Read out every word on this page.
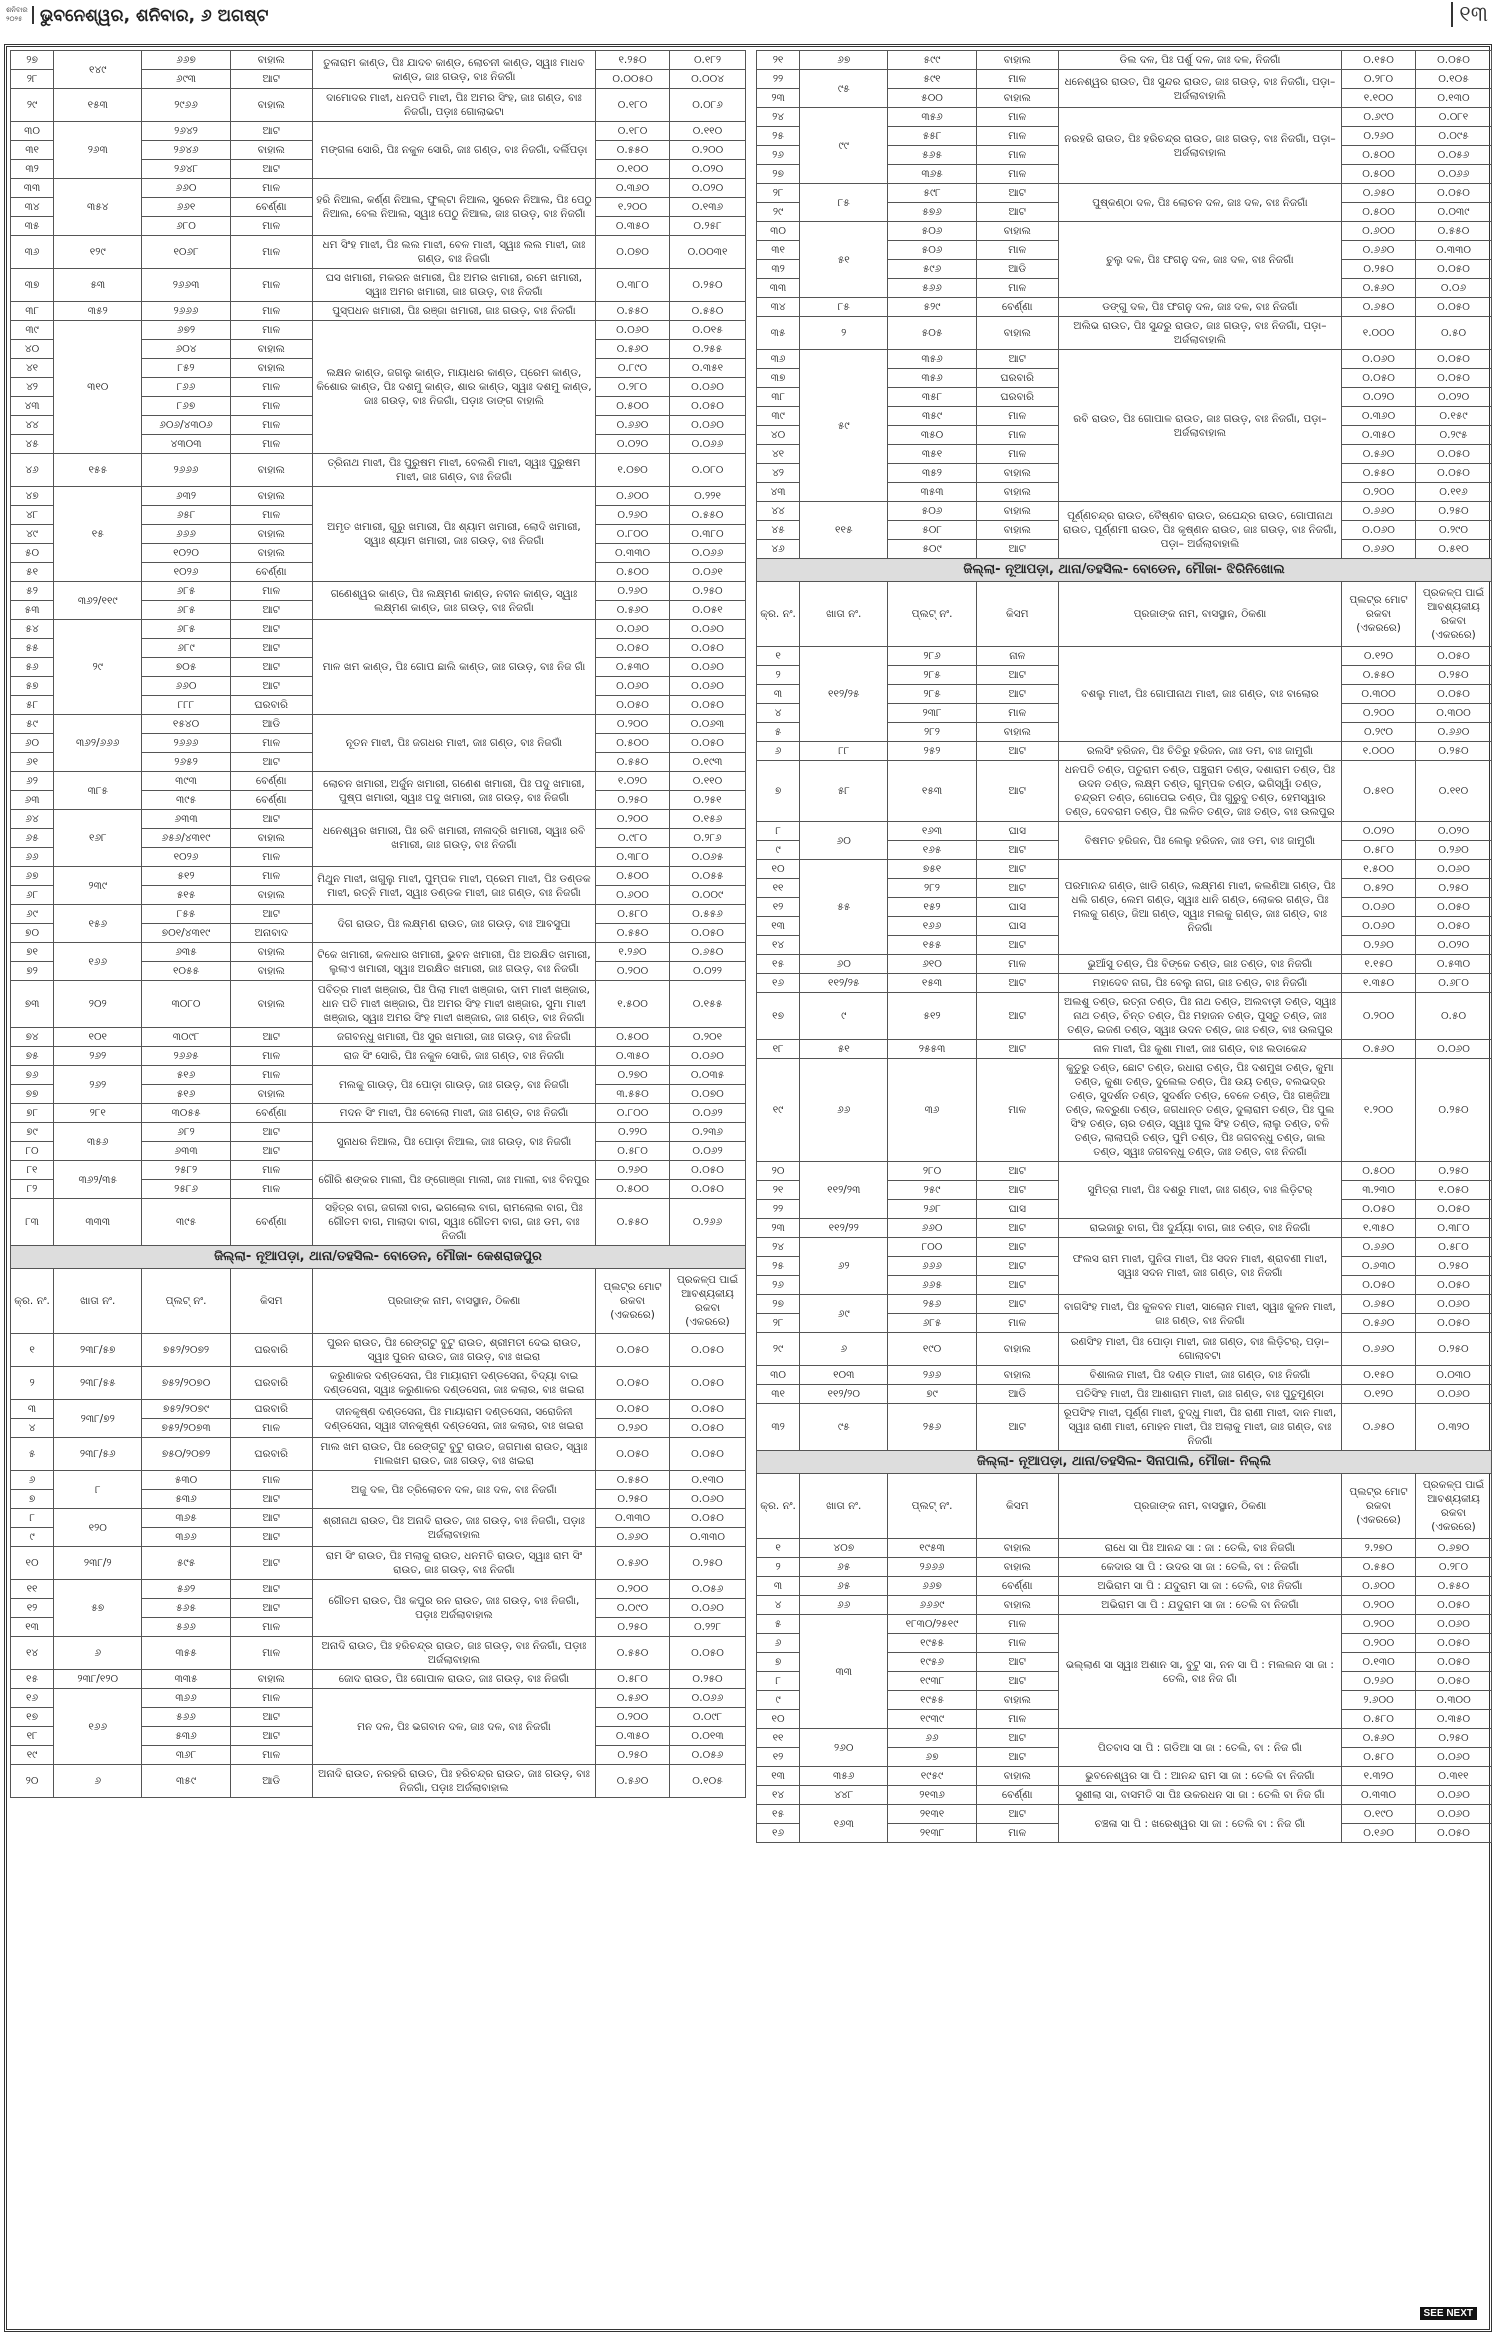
ଶନିବାର
୨୦୨୫	ଭୁବନେଶ୍ୱର, ଶନିବାର, ୬ ଅଗଷ୍ଟ	୧୩
SEE NEXT
୨୭	୧୪୯	୬୬୭	ବାହାଲ	ତୁଳାରାମ କାଣ୍ଡ, ପିଃ ଯାଦବ କାଣ୍ଡ, ଲୋଚନୀ କାଣ୍ଡ, ସ୍ୱାଃ ମାଧବ କାଣ୍ଡ, ଜାଃ ଗଉଡ଼, ବାଃ ନିଜଗାଁ	୧.୨୫୦	୦.୧୮୨
୨୮		୬୯୩	ଆଟ		୦.୦୦୫୦	୦.୦୦୪
୨୯	୧୫୩	୨୯୬୬	ବାହାଲ	ଦାମୋଦର ମାଝୀ, ଧନପତି ମାଝୀ, ପିଃ ଅମର ସିଂହ, ଜାଃ ଗଣ୍ଡ, ବାଃ ନିଜଗାଁ, ପଡ଼ାଃ ଗୋଲାଭଟା	୦.୧୮୦	୦.୦୮୬
୩୦	୨୬୩	୨୬୪୨	ଆଟ	ମଙ୍ଗଳା ସୋରି, ପିଃ ନକୁଳ ସୋରି, ଜାଃ ଗଣ୍ଡ, ବାଃ ନିଜଗାଁ, ଦର୍ଲିପଡ଼ା	୦.୧୮୦	୦.୧୧୦
୩୧		୨୬୪୬	ବାହାଲ		୦.୫୫୦	୦.୨୦୦
୩୨		୨୬୪୮	ଆଟ		୦.୧୦୦	୦.୦୨୦
୩୩	୩୫୪	୬୬୦	ମାଳ	ହରି ନିଆଲ, କର୍ଣ୍ଣ ନିଆଲ, ଫୁଲ୍ଟା ନିଆଲ, ସୁରେନ ନିଆଲ, ପିଃ ପେଠୁ ନିଆଲ, ବେଲ ନିଆଲ, ସ୍ୱାଃ ପେଠୁ ନିଆଲ, ଜାଃ ଗଉଡ଼, ବାଃ ନିଜଗାଁ	୦.୩୬୦	୦.୦୨୦
୩୪		୬୬୧	ବେର୍ଣ୍ଣା		୧.୨୦୦	୦.୧୩୬
୩୫		୬୮୦	ମାଳ		୦.୩୫୦	୦.୨୫୮
୩୬	୧୨୯	୧୦୬୮	ମାଳ	ଧମ ସିଂହ ମାଝୀ, ପିଃ ଲଲ ମାଝୀ, ବେଳ ମାଝୀ, ସ୍ୱାଃ ଲଲ ମାଝୀ, ଜାଃ ଗଣ୍ଡ, ବାଃ ନିଜଗାଁ	୦.୦୭୦	୦.୦୦୩୧
୩୭	୫୩	୨୬୬୩	ମାଳ	ଘସ ଖମାରୀ, ମକରନ ଖମାରୀ, ପିଃ ଅମର ଖମାରୀ, ରମେ ଖମାରୀ, ସ୍ୱାଃ ଅମର ଖମାରୀ, ଜାଃ ଗଉଡ଼, ବାଃ ନିଜଗାଁ	୦.୩୮୦	୦.୨୫୦
୩୮	୩୫୨	୨୬୬୬	ମାଳ	ପୁସ୍ପଧନ ଖମାରୀ, ପିଃ ରଞ୍ଜା ଖମାରୀ, ଜାଃ ଗଉଡ଼, ବାଃ ନିଜଗାଁ	୦.୫୫୦	୦.୫୫୦
୩୯	୩୧୦	୬୭୨	ମାଳ	ଲକ୍ଷନ କାଣ୍ଡ, ଜଗଲୁ କାଣ୍ଡ, ମାୟାଧର କାଣ୍ଡ, ପ୍ରେମ କାଣ୍ଡ, କିଶୋର କାଣ୍ଡ, ପିଃ ଦଶମୁ କାଣ୍ଡ, ଶାର କାଣ୍ଡ, ସ୍ୱାଃ ଦଶମୁ କାଣ୍ଡ, ଜାଃ ଗଉଡ଼, ବାଃ ନିଜଗାଁ, ପଡ଼ାଃ ଡାଙ୍ଗ ବାହାଲି	୦.୦୬୦	୦.୦୧୫
୪୦		୬୦୪	ବାହାଲ		୦.୫୬୦	୦.୨୫୫
୪୧		୮୫୨	ବାହାଲ		୦.୮୯୦	୦.୩୫୧
୪୨		୮୬୬	ମାଳ		୦.୨୮୦	୦.୦୬୦
୪୩		୮୬୭	ମାଳ		୦.୫୦୦	୦.୦୫୦
୪୪		୬୦୬/୪୩୦୬	ମାଳ		୦.୬୬୦	୦.୦୬୦
୪୫		୪୩୦୩	ମାଳ		୦.୦୨୦	୦.୦୬୬
୪୬	୧୫୫	୨୬୬୬	ବାହାଲ	ତ୍ରିନାଥ ମାଝୀ, ପିଃ ପୁରୁଷମ ମାଝୀ, ବେଲଣି ମାଝୀ, ସ୍ୱାଃ ପୁରୁଷମ ମାଝୀ, ଜାଃ ଗଣ୍ଡ, ବାଃ ନିଜଗାଁ	୧.୦୭୦	୦.୦୮୦
୪୭	୧୫	୬୩୨	ବାହାଲ	ଅମୃତ ଖମାରୀ, ଗୁରୁ ଖମାରୀ, ପିଃ ଶ୍ୟାମ ଖମାରୀ, ଲୋଦି ଖମାରୀ, ସ୍ୱାଃ ଶ୍ୟାମ ଖମାରୀ, ଜାଃ ଗଉଡ଼, ବାଃ ନିଜଗାଁ	୦.୬୦୦	୦.୨୨୧
୪୮		୬୫୮	ମାଳ		୦.୨୬୦	୦.୫୫୦
୪୯		୬୬୬	ବାହାଲ		୦.୮୦୦	୦.୩୮୦
୫୦		୧୦୨୦	ବାହାଲ		୦.୩୩୦	୦.୦୬୬
୫୧		୧୦୨୬	ବେର୍ଣ୍ଣା		୦.୫୦୦	୦.୦୬୧
୫୨	୩୬୨/୧୧୯	୬୮୫	ମାଳ	ଗଣେଶ୍ୱର କାଣ୍ଡ, ପିଃ ଲକ୍ଷ୍ମଣ କାଣ୍ଡ, ନବୀନ କାଣ୍ଡ, ସ୍ୱାଃ ଲକ୍ଷ୍ମଣ କାଣ୍ଡ, ଜାଃ ଗଉଡ଼, ବାଃ ନିଜଗାଁ	୦.୨୬୦	୦.୨୫୦
୫୩		୬୮୫	ଆଟ		୦.୫୬୦	୦.୦୫୧
୫୪	୨୯	୬୮୫	ଆଟ	ମାଳ ଖମ କାଣ୍ଡ, ପିଃ ଗୋପ ଛାଲି କାଣ୍ଡ, ଜାଃ ଗଉଡ଼, ବାଃ ନିଜ ଗାଁ	୦.୦୬୦	୦.୦୬୦
୫୫		୬୮୯	ଆଟ		୦.୦୫୦	୦.୦୫୦
୫୬		୭୦୫	ଆଟ		୦.୫୩୦	୦.୦୬୦
୫୭		୬୬୦	ଆଟ		୦.୦୬୦	୦.୦୬୦
୫୮		୮୮୮	ଘରବାରି		୦.୦୫୦	୦.୦୫୦
୫୯	୩୬୨/୬୬୬	୧୫୪୦	ଆଡି	ନୂତନ ମାଝୀ, ପିଃ ଜଗଧର ମାଝୀ, ଜାଃ ଗଣ୍ଡ, ବାଃ ନିଜଗାଁ	୦.୨୦୦	୦.୦୬୩
୬୦		୨୬୬୬	ମାଳ		୦.୫୦୦	୦.୦୫୦
୬୧		୨୬୫୨	ଆଟ		୦.୫୫୦	୦.୧୯୩
୬୨	୩୮୫	୩୯୩	ବେର୍ଣ୍ଣା	ଲୋଚନ ଖମାରୀ, ଅର୍ଜୁନ ଖମାରୀ, ଗଣେଶ ଖମାରୀ, ପିଃ ପଦୁ ଖମାରୀ, ପୁଷ୍ପ ଖମାରୀ, ସ୍ୱାଃ ପଦୁ ଖମାରୀ, ଜାଃ ଗଉଡ଼, ବାଃ ନିଜଗାଁ	୧.୦୨୦	୦.୧୧୦
୬୩		୩୯୫	ବେର୍ଣ୍ଣା		୦.୨୫୦	୦.୨୫୧
୬୪	୧୬୮	୬୩୩	ଆଟ	ଧନେଶ୍ୱର ଖମାରୀ, ପିଃ ରବି ଖମାରୀ, ନୀଳାଦ୍ରି ଖମାରୀ, ସ୍ୱାଃ ରବି ଖମାରୀ, ଜାଃ ଗଉଡ଼, ବାଃ ନିଜଗାଁ	୦.୨୦୦	୦.୧୫୬
୬୫		୬୫୬/୪୩୧୯	ବାହାଲ		୦.୯୮୦	୦.୨୮୬
୬୬		୧୦୨୬	ମାଳ		୦.୩୮୦	୦.୦୬୫
୬୭	୨୩୯	୫୧୨	ମାଳ	ମିଥୁନ ମାଝୀ, ଖଗୁଲୁ ମାଝୀ, ପୁମ୍ପକ ମାଝୀ, ପ୍ରେମ ମାଝୀ, ପିଃ ଡଣ୍ଡକ ମାଝୀ, ରତ୍ନି ମାଝୀ, ସ୍ୱାଃ ଡଣ୍ଡକ ମାଝୀ, ଜାଃ ଗଣ୍ଡ, ବାଃ ନିଜଗାଁ	୦.୫୦୦	୦.୦୫୫
୬୮		୫୧୫	ବାହାଲ		୦.୬୦୦	୦.୦୦୯
୬୯	୧୫୬	୮୫୫	ଆଟ	ଦିଗ ରାଉତ, ପିଃ ଲକ୍ଷ୍ମଣ ରାଉତ, ଜାଃ ଗଉଡ଼, ବାଃ ଆବସୁପା	୦.୫୮୦	୦.୫୫୬
୭୦		୭୦୧/୪୩୧୯	ଅନାବାଦ		୦.୫୫୦	୦.୦୫୦
୭୧	୧୬୬	୬୩୫	ବାହାଲ	ଟିକେ ଖମାରୀ, କଳଧାର ଖମାରୀ, ଭୁବନ ଖମାରୀ, ପିଃ ଅରକ୍ଷିତ ଖମାରୀ, ଲୁଲାଏ ଖମାରୀ, ସ୍ୱାଃ ଅରକ୍ଷିତ ଖମାରୀ, ଜାଃ ଗଉଡ଼, ବାଃ ନିଜଗାଁ	୧.୨୬୦	୦.୬୫୦
୭୨		୧୦୫୫	ବାହାଲ		୦.୨୦୦	୦.୦୨୨
୭୩	୨୦୨	୩୦୮୦	ବାହାଲ	ପବିତ୍ର ମାଝୀ ଖଞ୍ଜାର, ପିଃ ପିଲା ମାଝୀ ଖଞ୍ଜାର, ଦାମ ମାଝୀ ଖଞ୍ଜାର, ଧାନ ପତି ମାଝୀ ଖଞ୍ଜାର, ପିଃ ଅମର ସିଂହ ମାଝୀ ଖଞ୍ଜାର, ସୁମା ମାଝୀ ଖଞ୍ଜାର, ସ୍ୱାଃ ଅମର ସିଂହ ମାଝୀ ଖଞ୍ଜାର, ଜାଃ ଗଣ୍ଡ, ବାଃ ନିଜଗାଁ	୧.୫୦୦	୦.୧୫୫
୭୪	୧୦୧	୩୦୯୮	ଆଟ	ଜଗବନ୍ଧୁ ଖମାରୀ, ପିଃ ସୁର ଖମାରୀ, ଜାଃ ଗଉଡ଼, ବାଃ ନିଜଗାଁ	୦.୫୦୦	୦.୨୦୧
୭୫	୨୬୨	୨୬୬୫	ମାଳ	ରାଜ ସିଂ ସୋରି, ପିଃ ନକୁଳ ସୋରି, ଜାଃ ଗଣ୍ଡ, ବାଃ ନିଜଗାଁ	୦.୩୫୦	୦.୦୬୦
୭୬	୨୬୨	୫୧୬	ମାଳ	ମଲକୁ ଗାଉଡ଼, ପିଃ ପୋଡ଼ା ଗାଉଡ଼, ଜାଃ ଗଉଡ଼, ବାଃ ନିଜଗାଁ	୦.୨୭୦	୦.୦୩୫
୭୭		୫୧୬	ବାହାଲ		୩.୫୫୦	୦.୦୭୦
୭୮	୨୮୧	୩୦୫୫	ବେର୍ଣ୍ଣା	ମଦନ ସିଂ ମାଝୀ, ପିଃ ବୋଲୋ ମାଝୀ, ଜାଃ ଗଣ୍ଡ, ବାଃ ନିଜଗାଁ	୦.୮୦୦	୦.୦୬୨
୭୯	୩୫୬	୬୮୨	ଆଟ	ସୁନାଧର ନିଆଲ, ପିଃ ପୋଡ଼ା ନିଆଲ, ଜାଃ ଗଉଡ଼, ବାଃ ନିଜଗାଁ	୦.୨୨୦	୦.୨୩୬
୮୦		୬୩୩	ଆଟ		୦.୫୮୦	୦.୦୬୨
୮୧	୩୬୨/୩୫	୨୫୮୨	ମାଳ	ଗୌରି ଶଙ୍କର ମାଲୀ, ପିଃ ଙ୍ଗୋଞ୍ଜା ମାଲୀ, ଜାଃ ମାଲୀ, ବାଃ ବିନପୁର	୦.୨୬୦	୦.୦୫୦
୮୨		୨୫୮୬	ମାଳ		୦.୫୦୦	୦.୦୫୦
୮୩	୩୩୩	୩୯୫	ବେର୍ଣ୍ଣା	ସହିତ୍ର ବାଗ, ଜଗଲୀ ବାଗ, ଭଗଲୋଲ ବାଗ, ରାମଲୋଲ ବାଗ, ପିଃ ଗୌତମ ବାଗ, ମାଲାଦା ବାଗ, ସ୍ୱାଃ ଗୌତମ ବାଗ, ଜାଃ ଡମ, ବାଃ ନିଜଗାଁ	୦.୫୫୦	୦.୨୬୬
ଜିଲ୍ଲା- ନୂଆପଡ଼ା, ଥାନା/ତହସିଲ- ବୋଡେନ, ମୌଜା- କେଶରାଜପୁର						
କ୍ର. ନଂ.	ଖାତା ନଂ.	ପ୍ଲଟ୍ ନଂ.	କିସମ	ପ୍ରଜାଙ୍କ ନାମ, ବାସସ୍ଥାନ, ଠିକଣା	ପ୍ଲଟ୍‌ର ମୋଟ ରକବା (ଏକରରେ)	ପ୍ରକଳ୍ପ ପାଇଁ ଆବଶ୍ୟକୀୟ ରକବା (ଏକରରେ)
୧	୨୩୮/୫୭	୭୫୨/୨୦୭୨	ଘରବାରି	ପୁରନ ରାଉତ, ପିଃ ରେଙ୍ଗଟୁ ବୁଟୁ ରାଉତ, ଶ୍ରୀମତୀ ଦେଇ ରାଉତ, ସ୍ୱାଃ ପୁରନ ରାଉତ, ଜାଃ ଗଉଡ଼, ବାଃ ଖଇରା	୦.୦୫୦	୦.୦୫୦
୨	୨୩୮/୫୫	୭୫୨/୨୦୭୦	ଘରବାରି	କରୁଣାକର ଦଣ୍ଡସେନା, ପିଃ ମାୟାରାମ ଦଣ୍ଡସେନା, ବିଦ୍ୟା ବାଇ ଦଣ୍ଡସେନା, ସ୍ୱାଃ କରୁଣାକର ଦଣ୍ଡସେନା, ଜାଃ କଲାର, ବାଃ ଖଇରା	୦.୦୫୦	୦.୦୫୦
୩	୨୩୮/୭୨	୭୫୨/୨୦୭୯	ଘରବାରି	ଦୀନକୃଷ୍ଣ ଦଣ୍ଡସେନା, ପିଃ ମାୟାରାମ ଦଣ୍ଡସେନା, ସରୋଜିନୀ ଦଣ୍ଡସେନା, ସ୍ୱାଃ ଦୀନକୃଷ୍ଣ ଦଣ୍ଡସେନା, ଜାଃ କଲାର, ବାଃ ଖଇରା	୦.୦୫୦	୦.୦୫୦
୪		୭୫୨/୨୦୭୩	ମାଳ		୦.୨୬୦	୦.୦୫୦
୫	୨୩୮/୫୬	୭୫୦/୨୦୭୨	ଘରବାରି	ମାଲ ଖମ ରାଉତ, ପିଃ ରେଙ୍ଗଟୁ ବୁଟୁ ରାଉତ, ଜଗମାଶ ରାଉତ, ସ୍ୱାଃ ମାଲଖମ ରାଉତ, ଜାଃ ଗଉଡ଼, ବାଃ ଖଇରା	୦.୦୫୦	୦.୦୫୦
୬	୮	୫୩୦	ମାଳ	ଅଜୁ ଦଳ, ପିଃ ତ୍ରିଲୋଚନ ଦଳ, ଜାଃ ଦଳ, ବାଃ ନିଜଗାଁ	୦.୫୫୦	୦.୧୩୦
୭		୫୩୬	ଆଟ		୦.୨୫୦	୦.୦୬୦
୮	୧୨୦	୩୬୫	ଆଟ	ଶ୍ରୀନାଥ ରାଉତ, ପିଃ ଅନାଦି ରାଉତ, ଜାଃ ଗଉଡ଼, ବାଃ ନିଜଗାଁ, ପଡ଼ାଃ ଅର୍ଜଲାବାହାଲ	୦.୩୩୦	୦.୦୫୦
୯		୩୬୬	ଆଟ		୦.୬୬୦	୦.୩୩୦
୧୦	୨୩୮/୨	୫୯୫	ଆଟ	ରାମ ସିଂ ରାଉତ, ପିଃ ମଲାକୁ ରାଉତ, ଧନମତି ରାଉତ, ସ୍ୱାଃ ରାମ ସିଂ ରାଉତ, ଜାଃ ଗଉଡ଼, ବାଃ ନିଜଗାଁ	୦.୫୬୦	୦.୨୫୦
୧୧	୫୭	୫୬୨	ଆଟ	ଗୌତମ ରାଉତ, ପିଃ କପୁର ରନ ରାଉତ, ଜାଃ ଗଉଡ଼, ବାଃ ନିଜଗାଁ, ପଡ଼ାଃ ଅର୍ଜଲାବାହାଲ	୦.୨୦୦	୦.୦୫୬
୧୨		୫୬୫	ଆଟ		୦.୦୯୦	୦.୦୬୦
୧୩		୫୬୬	ମାଳ		୦.୨୫୦	୦.୨୨୮
୧୪	୬	୩୫୫	ମାଳ	ଅନାଦି ରାଉତ, ପିଃ ହରିଚନ୍ଦ୍ର ରାଉତ, ଜାଃ ଗଉଡ଼, ବାଃ ନିଜଗାଁ, ପଡ଼ାଃ ଅର୍ଜଲାବାହାଲ	୦.୫୫୦	୦.୦୫୦
୧୫	୨୩୮/୧୨୦	୩୩୫	ବାହାଲ	ଜୋଦ ରାଉତ, ପିଃ ଗୋପାଳ ରାଉତ, ଜାଃ ଗଉଡ଼, ବାଃ ନିଜଗାଁ	୦.୫୮୦	୦.୨୫୦
୧୬	୧୬୬	୩୬୬	ମାଳ	ମନ ଦଳ, ପିଃ ଭଗବାନ ଦଳ, ଜାଃ ଦଳ, ବାଃ ନିଜଗାଁ	୦.୫୬୦	୦.୦୬୬
୧୭		୫୬୬	ଆଟ		୦.୨୦୦	୦.୦୯୮
୧୮		୫୩୬	ଆଟ		୦.୩୫୦	୦.୦୧୩
୧୯		୩୬୮	ମାଳ		୦.୨୫୦	୦.୦୫୬
୨୦	୬	୩୫୯	ଆଡି	ଅନାଦି ରାଉତ, ନରହରି ରାଉତ, ପିଃ ହରିଚନ୍ଦ୍ର ରାଉତ, ଜାଃ ଗଉଡ଼, ବାଃ ନିଜଗାଁ, ପଡ଼ାଃ ଅର୍ଜଲାବାହାଲ	୦.୫୬୦	୦.୧୦୫
୨୧	୬୭	୫୯୯	ବାହାଲ	ଡିଲ ଦଳ, ପିଃ ପର୍ଶୁ ଦଳ, ଜାଃ ଦଳ, ନିଜଗାଁ	୦.୧୫୦	୦.୦୫୦
୨୨	୯୫	୫୯୧	ମାଳ	ଧନେଶ୍ୱର ରାଉତ, ପିଃ ସୁନ୍ଦର ରାଉତ, ଜାଃ ଗଉଡ଼, ବାଃ ନିଜଗାଁ, ପଡ଼ା– ଅର୍ଜଲାବାହାଲି	୦.୨୮୦	୦.୧୦୫
୨୩		୫୦୦	ବାହାଲ		୧.୧୦୦	୦.୧୩୦
୨୪	୯୯	୩୫୬	ମାଳ	ନରହରି ରାଉତ, ପିଃ ହରିଚନ୍ଦ୍ର ରାଉତ, ଜାଃ ଗଉଡ଼, ବାଃ ନିଜଗାଁ, ପଡ଼ା– ଅର୍ଜଲାବାହାଲ	୦.୬୯୦	୦.୦୮୧
୨୫		୫୫୮	ମାଳ		୦.୨୬୦	୦.୦୯୫
୨୬		୫୬୫	ମାଳ		୦.୫୦୦	୦.୦୫୬
୨୭		୩୬୫	ମାଳ		୦.୫୦୦	୦.୦୬୬
୨୮	୮୫	୫୯୮	ଆଟ	ପୁଷ୍କଣ୍ଠା ଦଳ, ପିଃ ଲୋଚନ ଦଳ, ଜାଃ ଦଳ, ବାଃ ନିଜଗାଁ	୦.୬୫୦	୦.୦୫୦
୨୯		୫୭୬	ଆଟ		୦.୫୦୦	୦.୦୩୯
୩୦	୫୧	୫୦୬	ବାହାଲ	ଚୁଲୁ ଦଳ, ପିଃ ଫଗନୁ ଦଳ, ଜାଃ ଦଳ, ବାଃ ନିଜଗାଁ	୦.୬୦୦	୦.୫୫୦
୩୧		୫୦୬	ମାଳ		୦.୬୬୦	୦.୩୩୦
୩୨		୫୯୬	ଆଡି		୦.୨୫୦	୦.୦୫୦
୩୩		୫୬୬	ମାଳ		୦.୫୬୦	୦.୦୬
୩୪	୮୫	୫୨୯	ବେର୍ଣ୍ଣା	ଡଙ୍ଗୁ ଦଳ, ପିଃ ଫଗନୁ ଦଳ, ଜାଃ ଦଳ, ବାଃ ନିଜଗାଁ	୦.୬୫୦	୦.୦୫୦
୩୫	୨	୫୦୫	ବାହାଲ	ଅଲିଭ ରାଉତ, ପିଃ ସୁନ୍ଦରୁ ରାଉତ, ଜାଃ ଗଉଡ଼, ବାଃ ନିଜଗାଁ, ପଡ଼ା– ଅର୍ଜଲାବାହାଲି	୧.୦୦୦	୦.୫୦
୩୬	୫୯	୩୫୬	ଆଟ	ରବି ରାଉତ, ପିଃ ଗୋପାଳ ରାଉତ, ଜାଃ ଗଉଡ଼, ବାଃ ନିଜଗାଁ, ପଡ଼ା– ଅର୍ଜଲାବାହାଲ	୦.୦୬୦	୦.୦୫୦
୩୭		୩୫୬	ଘରବାରି		୦.୦୫୦	୦.୦୫୦
୩୮		୩୫୮	ଘରବାରି		୦.୦୨୦	୦.୦୨୦
୩୯		୩୫୯	ମାଳ		୦.୩୬୦	୦.୧୫୯
୪୦		୩୫୦	ମାଳ		୦.୩୫୦	୦.୨୯୫
୪୧		୩୫୧	ମାଳ		୦.୫୬୦	୦.୦୫୦
୪୨		୩୫୨	ବାହାଲ		୦.୫୫୦	୦.୦୫୦
୪୩		୩୫୩	ବାହାଲ		୦.୨୦୦	୦.୧୧୬
୪୪	୧୧୫	୫୦୬	ବାହାଲ	ପୂର୍ଣ୍ଣଚନ୍ଦ୍ର ରାଉତ, ବୈଷ୍ଣବ ରାଉତ, ରଘେନ୍ଦ୍ର ରାଉତ, ଗୋପୀନାଥ ରାଉତ, ପୂର୍ଣ୍ଣମୀ ରାଉତ, ପିଃ କୃଷ୍ଣନ ରାଉତ, ଜାଃ ଗଉଡ଼, ବାଃ ନିଜଗାଁ, ପଡ଼ା– ଅର୍ଜଲାବାହାଲି	୦.୬୬୦	୦.୨୫୦
୪୫		୫୦୮	ବାହାଲ		୦.୦୬୦	୦.୨୯୦
୪୬		୫୦୯	ଆଟ		୦.୬୬୦	୦.୫୧୦
ଜିଲ୍ଲା- ନୂଆପଡ଼ା, ଥାନା/ତହସିଲ- ବୋଡେନ, ମୌଜା- ଝିରିନିଖୋଲ						
କ୍ର. ନଂ.	ଖାତା ନଂ.	ପ୍ଲଟ୍ ନଂ.	କିସମ	ପ୍ରଜାଙ୍କ ନାମ, ବାସସ୍ଥାନ, ଠିକଣା	ପ୍ଲଟ୍‌ର ମୋଟ ରକବା (ଏକରରେ)	ପ୍ରକଳ୍ପ ପାଇଁ ଆବଶ୍ୟକୀୟ ରକବା (ଏକରରେ)
୧	୧୧୨/୨୫	୨୮୬	ନାଳ	ବଶଲୁ ମାଝୀ, ପିଃ ଗୋପୀନାଥ ମାଝୀ, ଜାଃ ଗଣ୍ଡ, ବାଃ ବାଲୋର	୦.୧୨୦	୦.୦୫୦
୨		୨୮୫	ଆଟ		୦.୫୫୦	୦.୨୫୦
୩		୨୮୫	ଆଟ		୦.୩୦୦	୦.୦୫୦
୪		୨୩୮	ମାଳ		୦.୨୦୦	୦.୩୦୦
୫		୨୮୨	ବାହାଲ		୦.୨୯୦	୦.୬୬୦
୬	୮୮	୨୫୨	ଆଟ	ରଲସିଂ ହରିଜନ, ପିଃ ଚିତିରୁ ହରିଜନ, ଜାଃ ଡମ, ବାଃ ଜାମୁଗାଁ	୧.୦୦୦	୦.୨୫୦
୭	୫୮	୧୫୩	ଆଟ	ଧନପତି ତଣ୍ଡ, ପତୁରାମ ତଣ୍ଡ, ପଞ୍ଚୁରାମ ତଣ୍ଡ, ଦଶାରାମ ତଣ୍ଡ, ପିଃ ଉଦନ ତଣ୍ଡ, ଲକ୍ଷ୍ମ ତଣ୍ଡ, ଗୁମ୍ପକ ତଣ୍ଡ, ଭଗିସ୍ୱାଁ ତଣ୍ଡ, ଚନ୍ଦ୍ରମ ତଣ୍ଡ, ଗୋପେଇ ତଣ୍ଡ, ପିଃ ଗୁରୁବୁ ତଣ୍ଡ, ହେମସ୍ୱାର ତଣ୍ଡ, ଦେବରାମ ତଣ୍ଡ, ପିଃ ଲଳିତ ତଣ୍ଡ, ଜାଃ ତଣ୍ଡ, ବାଃ ଉଲପୁର	୦.୫୧୦	୦.୧୧୦
୮	୬୦	୧୬୩	ଘାସ	ବିଷମତ ହରିଜନ, ପିଃ ଲେଲୁ ହରିଜନ, ଜାଃ ଡମ, ବାଃ ଜାମୁଗାଁ	୦.୦୨୦	୦.୦୨୦
୯		୧୬୫	ଆଟ		୦.୫୮୦	୦.୨୬୦
୧୦	୫୫	୭୫୧	ଆଟ	ପରମାନନ୍ଦ ଗଣ୍ଡ, ଖାଡି ଗଣ୍ଡ, ଲକ୍ଷ୍ମଣ ମାଝୀ, କଲଣିଆ ଗଣ୍ଡ, ପିଃ ଧଲି ଗଣ୍ଡ, ଲେମ ଗଣ୍ଡ, ସ୍ୱାଃ ଧାନି ଗଣ୍ଡ, ଲୋକର ଗଣ୍ଡ, ପିଃ ମଲକୁ ଗଣ୍ଡ, ଜିଆ ଗଣ୍ଡ, ସ୍ୱାଃ ମଲକୁ ଗଣ୍ଡ, ଜାଃ ଗଣ୍ଡ, ବାଃ ନିଜଗାଁ	୧.୫୦୦	୦.୦୬୦
୧୧		୨୮୨	ଆଟ		୦.୫୨୦	୦.୨୫୦
୧୨		୧୫୨	ଘାସ		୦.୦୬୦	୦.୦୫୦
୧୩		୧୬୬	ଘାସ		୦.୦୬୦	୦.୦୫୦
୧୪		୧୫୫	ଆଟ		୦.୨୬୦	୦.୦୨୦
୧୫	୬୦	୬୧୦	ମାଳ	ଭୁଆଁସୁ ତଣ୍ଡ, ପିଃ ବିଙ୍କେ ତଣ୍ଡ, ଜାଃ ତଣ୍ଡ, ବାଃ ନିଜଗାଁ	୧.୧୫୦	୦.୫୩୦
୧୬	୧୧୨/୨୫	୧୫୩	ଆଟ	ମହାଦେବ ନାଗ, ପିଃ ବେଲୁ ନାଗ, ଜାଃ ତଣ୍ଡ, ବାଃ ନିଜଗାଁ	୧.୩୫୦	୦.୬୮୦
୧୭	୯	୫୧୨	ଆଟ	ଅଲଶୁ ତଣ୍ଡ, ରତ୍ନା ତଣ୍ଡ, ପିଃ ନାଥ ତଣ୍ଡ, ଅଲବାଡ଼ୀ ତଣ୍ଡ, ସ୍ୱାଃ ନାଥ ତଣ୍ଡ, ଚିନ୍ତ ତଣ୍ଡ, ପିଃ ମହାଜନ ତଣ୍ଡ, ପୁସ୍ତୁ ତଣ୍ଡ, ଜାଃ ତଣ୍ଡ, ଇଜଣ ତଣ୍ଡ, ସ୍ୱାଃ ଉଦନ ତଣ୍ଡ, ଜାଃ ତଣ୍ଡ, ବାଃ ଉଲପୁର	୦.୨୦୦	୦.୫୦
୧୮	୫୧	୨୫୫୩	ଆଟ	ନାଳ ମାଝୀ, ପିଃ କୁଶା ମାଝୀ, ଜାଃ ଗଣ୍ଡ, ବାଃ ଲଡାକେନ୍ଦ	୦.୫୬୦	୦.୦୬୦
୧୯	୬୬	୩୬	ମାଳ	କୁତୁରୁ ତଣ୍ଡ, ଛୋଟ ତଣ୍ଡ, ରଧାରା ତଣ୍ଡ, ପିଃ ଦଶମୁଖ ତଣ୍ଡ, କୁମା ତଣ୍ଡ, କୁଶା ତଣ୍ଡ, ଦୁଲେଲ ତଣ୍ଡ, ପିଃ ଉୟ ତଣ୍ଡ, ବଲଭଦ୍ର ତଣ୍ଡ, ସୁଦର୍ଶନ ତଣ୍ଡ, ସୁଦର୍ଶନ ତଣ୍ଡ, ବେଳେ ତଣ୍ଡ, ପିଃ ଗଞ୍ଜିଆ ତଣ୍ଡ, ଲବ୍ରୁଣା ତଣ୍ଡ, ଜଗଧାନ୍ତ ତଣ୍ଡ, ଦୁଲାରାମ ତଣ୍ଡ, ପିଃ ପୁଲ ସିଂହ ତଣ୍ଡ, ଚାର ତଣ୍ଡ, ସ୍ୱାଃ ପୁଲ ସିଂହ ତଣ୍ଡ, ଲାଲୁ ତଣ୍ଡ, ବଳି ତଣ୍ଡ, ଲାଲାପ୍ରି ତଣ୍ଡ, ପୁମି ତଣ୍ଡ, ପିଃ ଜଗବନ୍ଧୁ ତଣ୍ଡ, ଜାଲ ତଣ୍ଡ, ସ୍ୱାଃ ଜଗବନ୍ଧୁ ତଣ୍ଡ, ଜାଃ ତଣ୍ଡ, ବାଃ ନିଜଗାଁ	୧.୨୦୦	୦.୨୫୦
୨୦	୧୧୨/୨୩	୨୮୦	ଆଟ	ସୁମିତ୍ରା ମାଝୀ, ପିଃ ଦଶରୁ ମାଝୀ, ଜାଃ ଗଣ୍ଡ, ବାଃ ଲିଡ଼ିଟର୍	୦.୫୦୦	୦.୨୫୦
୨୧		୨୫୯	ଆଟ		୩.୨୩୦	୧.୦୫୦
୨୨		୨୬୮	ଘାସ		୦.୦୫୦	୦.୦୫୦
୨୩	୧୧୨/୨୨	୬୬୦	ଆଟ	ରାଇଜାରୁ ବାଗ, ପିଃ ଦୁର୍ଯ୍ୟା ବାଗ, ଜାଃ ତଣ୍ଡ, ବାଃ ନିଜଗାଁ	୧.୩୫୦	୦.୩୮୦
୨୪	୬୨	୮୦୦	ଆଟ	ଫଲସ ରାମ ମାଝୀ, ପୁନିତା ମାଝୀ, ପିଃ ସଦନ ମାଝୀ, ଶ୍ରାବଣୀ ମାଝୀ, ସ୍ୱାଃ ସଦନ ମାଝୀ, ଜାଃ ଗଣ୍ଡ, ବାଃ ନିଜଗାଁ	୦.୬୬୦	୦.୫୮୦
୨୫		୬୬୬	ଆଟ		୦.୬୩୦	୦.୨୫୦
୨୬		୬୬୫	ଆଟ		୦.୦୫୦	୦.୦୫୦
୨୭	୬୯	୨୫୬	ଆଟ	ବାଗସିଂହ ମାଝୀ, ପିଃ କୁଳବନ ମାଝୀ, ସାଲୋନ ମାଝୀ, ସ୍ୱାଃ କୁଳନ ମାଝୀ, ଜାଃ ଗଣ୍ଡ, ବାଃ ନିଜଗାଁ	୦.୬୫୦	୦.୦୬୦
୨୮		୬୮୫	ମାଳ		୦.୫୬୦	୦.୦୫୦
୨୯	୬	୧୯୦	ବାହାଲ	ରଣସିଂହ ମାଝୀ, ପିଃ ପୋଡ଼ା ମାଝୀ, ଜାଃ ଗଣ୍ଡ, ବାଃ ଲିଡ଼ିଟର୍, ପଡ଼ା– ଗୋଲାବଟା	୦.୬୬୦	୦.୨୫୦
୩୦	୧୦୩	୨୬୬	ବାହାଲ	ବିଶାଲଜ ମାଝୀ, ପିଃ ଦଣ୍ଡ ମାଝୀ, ଜାଃ ଗଣ୍ଡ, ବାଃ ନିଜଗାଁ	୦.୧୫୦	୦.୦୩୦
୩୧	୧୧୨/୨୦	୭୯	ଆଡି	ପତିସିଂହ ମାଝୀ, ପିଃ ଆଶାରାମ ମାଝୀ, ଜାଃ ଗଣ୍ଡ, ବାଃ ପୁତୁମୁଣ୍ଡା	୦.୧୨୦	୦.୦୬୦
୩୨	୯୫	୨୫୬	ଆଟ	ରୂପସିଂହ ମାଝୀ, ପୂର୍ଣ୍ଣ ମାଝୀ, ବୁଦ୍ଧୁ ମାଝୀ, ପିଃ ରାଣୀ ମାଝୀ, ଦାନ ମାଝୀ, ସ୍ୱାଃ ରାଣୀ ମାଝୀ, ମୋହନ ମାଝୀ, ପିଃ ଅଲାକୁ ମାଝୀ, ଜାଃ ଗଣ୍ଡ, ବାଃ ନିଜଗାଁ	୦.୬୫୦	୦.୩୨୦
ଜିଲ୍ଲା- ନୂଆପଡ଼ା, ଥାନା/ତହସିଲ- ସିନାପାଲି, ମୌଜା- ନିଲ୍ଲି						
କ୍ର. ନଂ.	ଖାତା ନଂ.	ପ୍ଲଟ୍ ନଂ.	କିସମ	ପ୍ରଜାଙ୍କ ନାମ, ବାସସ୍ଥାନ, ଠିକଣା	ପ୍ଲଟ୍‌ର ମୋଟ ରକବା (ଏକରରେ)	ପ୍ରକଳ୍ପ ପାଇଁ ଆବଶ୍ୟକୀୟ ରକବା (ଏକରରେ)
୧	୪୦୭	୧୯୫୩	ବାହାଲ	ରାଧେ ସା ପିଃ ଆନନ୍ଦ ସା : ଜା : ତେଲି, ବାଃ ନିଜଗାଁ	୨.୨୭୦	୦.୬୭୦
୨	୬୫	୨୬୬୬	ବାହାଲ	କେଦାର ସା ପି : ଉଦର ସା ଜା : ତେଲି, ବା : ନିଜଗାଁ	୦.୫୫୦	୦.୨୮୦
୩	୬୫	୬୬୭	ବେର୍ଣ୍ଣା	ଅଭିରାମ ସା ପି : ଯଦୁରାମ ସା ଜା : ତେଲି, ବାଃ ନିଜଗାଁ	୦.୬୦୦	୦.୫୫୦
୪	୬୬	୬୬୬୯	ବାହାଲ	ଅଭିରାମ ସା ପି : ଯଦୁରାମ ସା ଜା : ତେଲି ବା ନିଜଗାଁ	୦.୨୦୦	୦.୦୫୦
୫	୩୩	୧୮୩୦/୨୫୧୯	ମାଳ	ଭଲ୍ଲାଣ ସା ସ୍ୱାଃ ଅଶାନ ସା, ବୁଟୁ ସା, ନନ ସା ପି : ମଲଲନ ସା ଜା : ତେଲି, ବାଃ ନିଜ ଗାଁ	୦.୨୦୦	୦.୦୬୦
୬		୧୯୫୫	ମାଳ		୦.୨୦୦	୦.୦୫୦
୭		୧୯୫୬	ଆଟ		୦.୧୩୦	୦.୦୫୦
୮		୧୯୩୮	ଆଟ		୦.୨୬୦	୦.୦୫୦
୯		୧୯୫୫	ବାହାଲ		୨.୬୦୦	୦.୩୦୦
୧୦		୧୯୩୯	ମାଳ		୦.୫୮୦	୦.୩୫୦
୧୧	୨୬୦	୬୬	ଆଟ	ପିତବାସ ସା ପି : ଗଡିଆ ସା ଜା : ତେଲି, ବା : ନିଜ ଗାଁ	୦.୫୬୦	୦.୨୫୦
୧୨		୬୭	ଆଟ		୦.୫୮୦	୦.୦୬୦
୧୩	୩୫୬	୧୯୫୯	ବାହାଲ	ଭୁବନେଶ୍ୱର ସା ପି : ଆନନ୍ଦ ରାମ ସା ଜା : ତେଲି ବା ନିଜଗାଁ	୧.୩୨୦	୦.୩୧୧
୧୪	୪୪୮	୨୧୩୬	ବେର୍ଣ୍ଣା	ସୁଶୀଲା ସା, ବାସମତି ସା ପିଃ ଉକରଧନ ସା ଜା : ତେଲି ବା ନିଜ ଗାଁ	୦.୩୩୦	୦.୦୬୦
୧୫	୧୬୩	୨୧୩୧	ଆଟ	ଚଞ୍ଚଳା ସା ପି : ଖରେଶ୍ୱର ସା ଜା : ତେଲି ବା : ନିଜ ଗାଁ	୦.୧୯୦	୦.୦୬୦
୧୬		୨୧୩୮	ମାଳ		୦.୧୬୦	୦.୦୫୦
